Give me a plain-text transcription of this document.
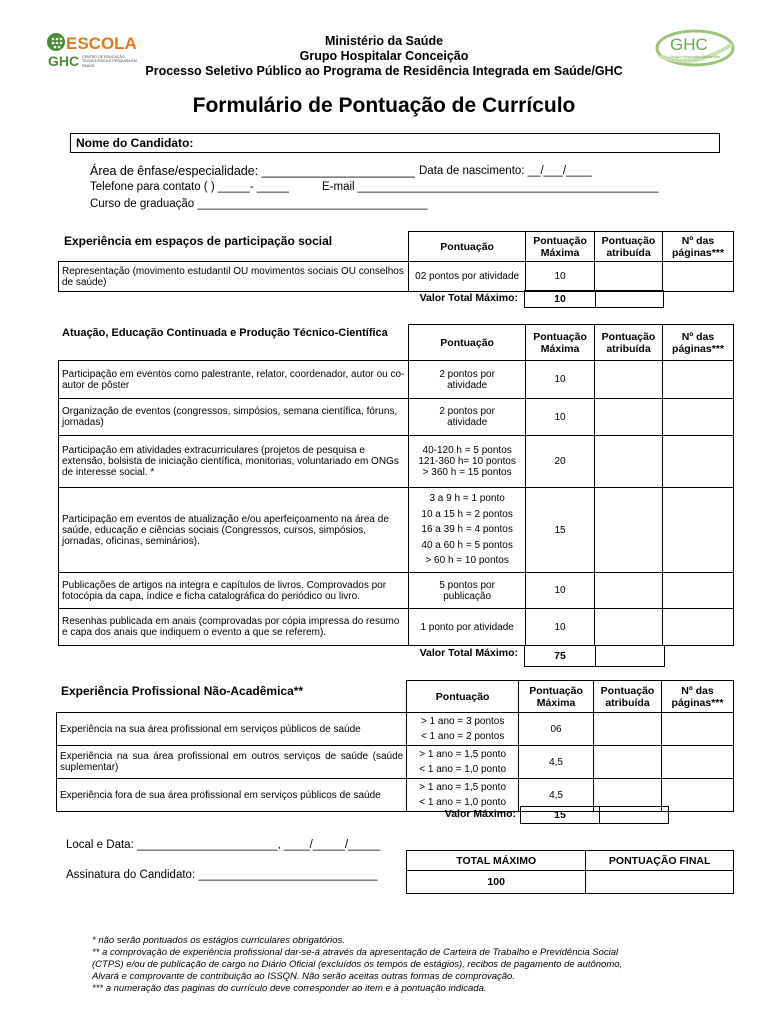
ESCOLA
GHC CENTRO DE EDUCAÇÃO TECNOLÓGICA E PESQUISA EM SAÚDE
GHC
Grupo Hospitalar Conceição
Ministério da Saúde
Grupo Hospitalar Conceição
Processo Seletivo Público ao Programa de Residência Integrada em Saúde/GHC
Formulário de Pontuação de Currículo
Nome do Candidato:
Área de ênfase/especialidade: ______________________ Data de nascimento: __/___/____
Telefone para contato ( ) _____- _____	E-mail _______________________________________________
Curso de graduação ____________________________________
Experiência em espaços de participação social
		Pontuação	Pontuação Máxima	Pontuação atribuída	Nº das páginas***
Representação (movimento estudantil OU movimentos sociais OU conselhos de saúde)	02 pontos por atividade	10		
Valor Total Máximo:	10
Atuação, Educação Continuada e Produção Técnico-Científica
	Pontuação	Pontuação Máxima	Pontuação atribuída	Nº das páginas***
Participação em eventos como palestrante, relator, coordenador, autor ou co-autor de pôster	2 pontos por
atividade	10		
Organização de eventos (congressos, simpósios, semana científica, fóruns, jornadas)	2 pontos por
atividade	10		
Participação em atividades extracurriculares (projetos de pesquisa e extensão, bolsista de iniciação científica, monitorias, voluntariado em ONGs de interesse social. *	40-120 h = 5 pontos
121-360 h= 10 pontos
> 360 h = 15 pontos	20		
Participação em eventos de atualização e/ou aperfeiçoamento na área de saúde, educação e ciências sociais (Congressos, cursos, simpósios, jornadas, oficinas, seminários).	3 a 9 h = 1 ponto
10 a 15 h = 2 pontos
16 a 39 h = 4 pontos
40 a 60 h = 5 pontos
> 60 h = 10 pontos	15		
Publicações de artigos na integra e capítulos de livros. Comprovados por fotocópia da capa, índice e ficha catalográfica do periódico ou livro.	5 pontos por
publicação	10		
Resenhas publicada em anais (comprovadas por cópia impressa do resumo e capa dos anais que indiquem o evento a que se referem).	1 ponto por atividade	10		
Valor Total Máximo:	75
Experiência Profissional Não-Acadêmica**
		Pontuação	Pontuação Máxima	Pontuação atribuída	Nº das páginas***
Experiência na sua área profissional em serviços públicos de saúde	> 1 ano = 3 pontos
< 1 ano = 2 pontos	06		
Experiência na sua área profissional em outros serviços de saúde (saúde suplementar)	> 1 ano = 1,5 ponto
< 1 ano = 1,0 ponto	4,5		
Experiência fora de sua área profissional em serviços públicos de saúde	> 1 ano = 1,5 ponto
< 1 ano = 1,0 ponto	4,5		
Valor Máximo:	15
Local e Data: ______________________, ____/_____/_____
Assinatura do Candidato: ____________________________
TOTAL MÁXIMO	PONTUAÇÃO FINAL
100	
* não serão pontuados os estágios curriculares obrigatórios.
** a comprovação de experiência profissional dar-se-á através da apresentação de Carteira de Trabalho e Previdência Social
(CTPS) e/ou de publicação de cargo no Diário Oficial (excluídos os tempos de estágios), recibos de pagamento de autônomo,
Alvará e comprovante de contribuição ao ISSQN. Não serão aceitas outras formas de comprovação.
*** a numeração das paginas do currículo deve corresponder ao item e à pontuação indicada.
